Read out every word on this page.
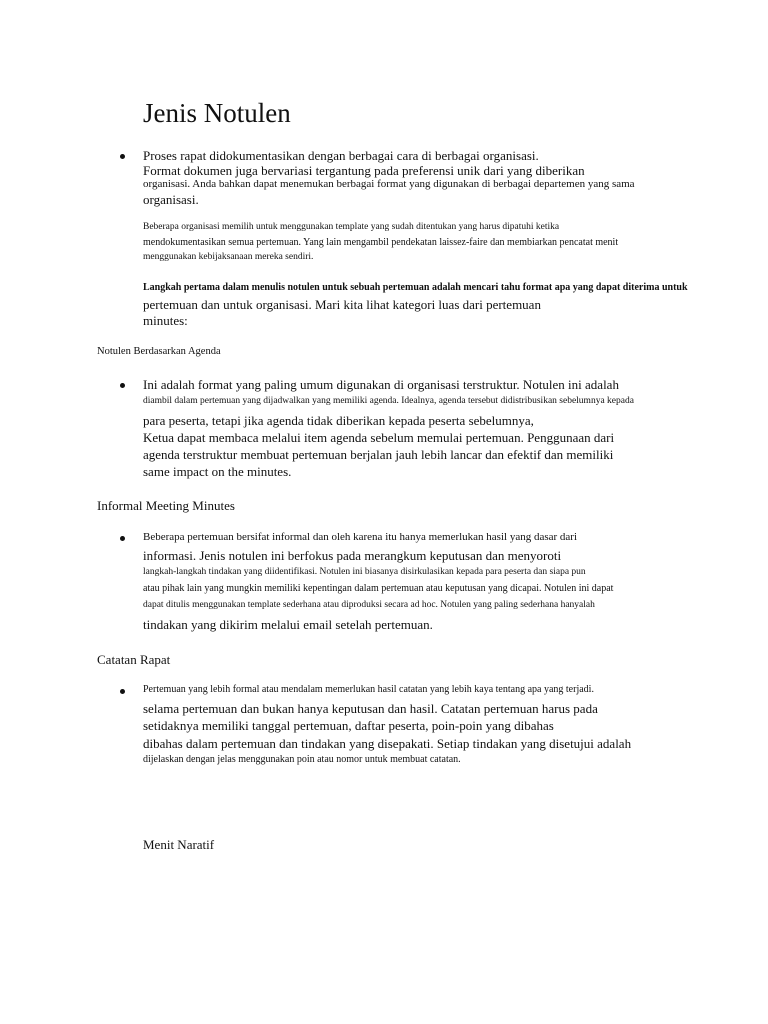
Jenis Notulen
Proses rapat didokumentasikan dengan berbagai cara di berbagai organisasi.
Format dokumen juga bervariasi tergantung pada preferensi unik dari yang diberikan
organisasi. Anda bahkan dapat menemukan berbagai format yang digunakan di berbagai departemen yang sama
organisasi.
Beberapa organisasi memilih untuk menggunakan template yang sudah ditentukan yang harus dipatuhi ketika
mendokumentasikan semua pertemuan. Yang lain mengambil pendekatan laissez-faire dan membiarkan pencatat menit
menggunakan kebijaksanaan mereka sendiri.
Langkah pertama dalam menulis notulen untuk sebuah pertemuan adalah mencari tahu format apa yang dapat diterima untuk
pertemuan dan untuk organisasi. Mari kita lihat kategori luas dari pertemuan
minutes:
Notulen Berdasarkan Agenda
Ini adalah format yang paling umum digunakan di organisasi terstruktur. Notulen ini adalah
diambil dalam pertemuan yang dijadwalkan yang memiliki agenda. Idealnya, agenda tersebut didistribusikan sebelumnya kepada
para peserta, tetapi jika agenda tidak diberikan kepada peserta sebelumnya,
Ketua dapat membaca melalui item agenda sebelum memulai pertemuan. Penggunaan dari
agenda terstruktur membuat pertemuan berjalan jauh lebih lancar dan efektif dan memiliki
same impact on the minutes.
Informal Meeting Minutes
Beberapa pertemuan bersifat informal dan oleh karena itu hanya memerlukan hasil yang dasar dari
informasi. Jenis notulen ini berfokus pada merangkum keputusan dan menyoroti
langkah-langkah tindakan yang diidentifikasi. Notulen ini biasanya disirkulasikan kepada para peserta dan siapa pun
atau pihak lain yang mungkin memiliki kepentingan dalam pertemuan atau keputusan yang dicapai. Notulen ini dapat
dapat ditulis menggunakan template sederhana atau diproduksi secara ad hoc. Notulen yang paling sederhana hanyalah
tindakan yang dikirim melalui email setelah pertemuan.
Catatan Rapat
Pertemuan yang lebih formal atau mendalam memerlukan hasil catatan yang lebih kaya tentang apa yang terjadi.
selama pertemuan dan bukan hanya keputusan dan hasil. Catatan pertemuan harus pada
setidaknya memiliki tanggal pertemuan, daftar peserta, poin-poin yang dibahas
dibahas dalam pertemuan dan tindakan yang disepakati. Setiap tindakan yang disetujui adalah
dijelaskan dengan jelas menggunakan poin atau nomor untuk membuat catatan.
Menit Naratif
